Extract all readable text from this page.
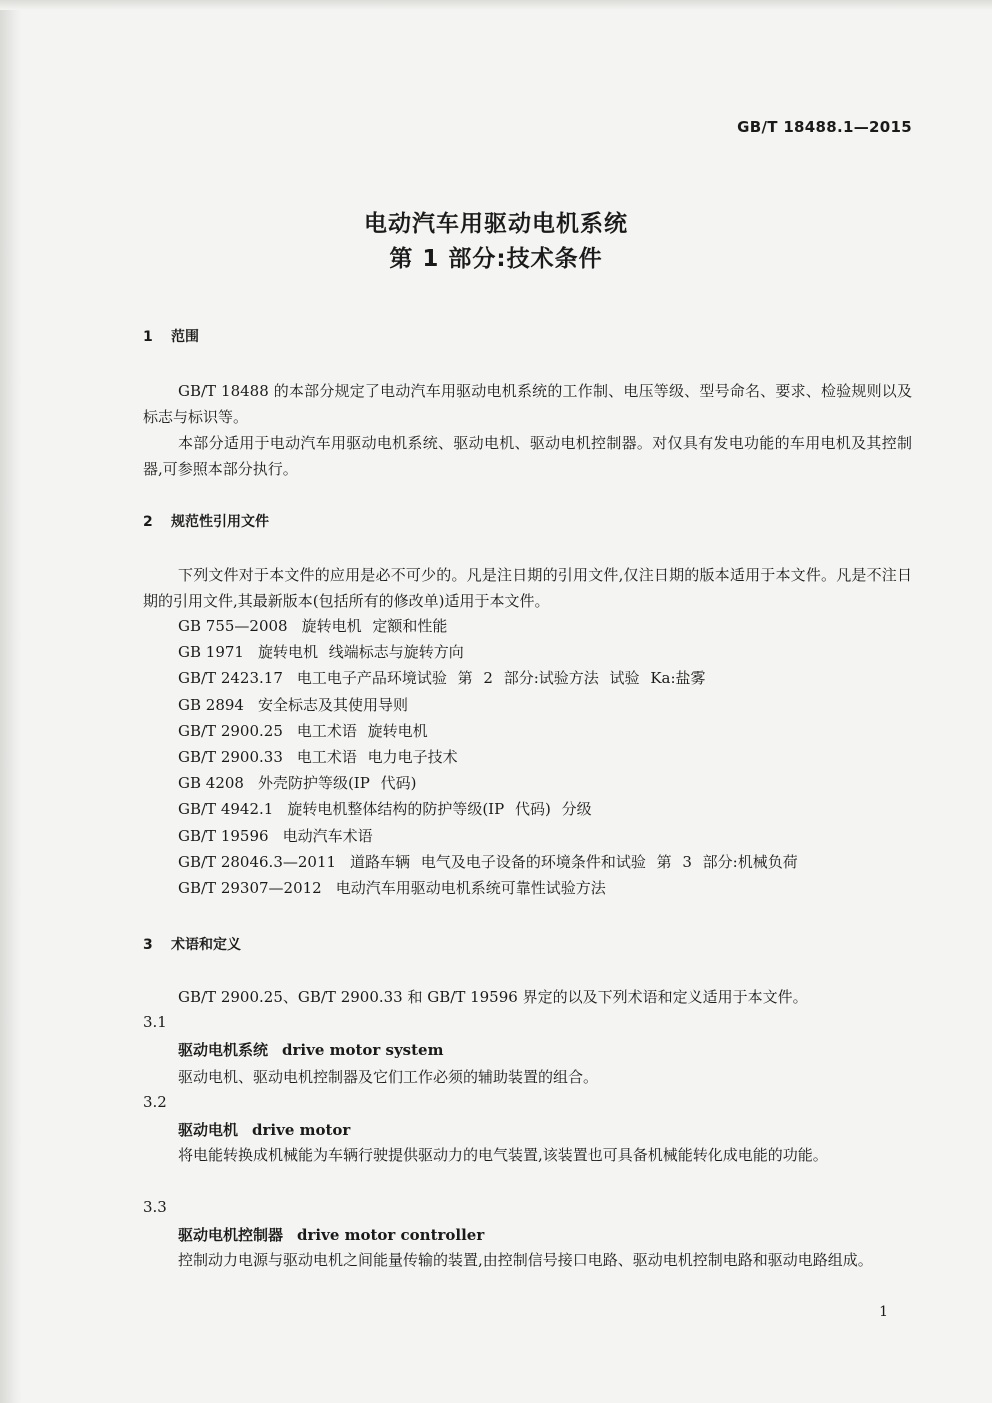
GB/T 18488.1—2015
电动汽车用驱动电机系统
第 1 部分:技术条件
1 范围

GB/T 18488 的本部分规定了电动汽车用驱动电机系统的工作制、电压等级、型号命名、要求、检验规则以及标志与标识等。

本部分适用于电动汽车用驱动电机系统、驱动电机、驱动电机控制器。对仅具有发电功能的车用电机及其控制器,可参照本部分执行。

2 规范性引用文件

下列文件对于本文件的应用是必不可少的。凡是注日期的引用文件,仅注日期的版本适用于本文件。凡是不注日期的引用文件,其最新版本(包括所有的修改单)适用于本文件。

GB 755—2008 旋转电机 定额和性能
GB 1971 旋转电机 线端标志与旋转方向
GB/T 2423.17 电工电子产品环境试验 第 2 部分:试验方法 试验 Ka:盐雾
GB 2894 安全标志及其使用导则
GB/T 2900.25 电工术语 旋转电机
GB/T 2900.33 电工术语 电力电子技术
GB 4208 外壳防护等级(IP 代码)
GB/T 4942.1 旋转电机整体结构的防护等级(IP 代码) 分级
GB/T 19596 电动汽车术语
GB/T 28046.3—2011 道路车辆 电气及电子设备的环境条件和试验 第 3 部分:机械负荷
GB/T 29307—2012 电动汽车用驱动电机系统可靠性试验方法
3 术语和定义

GB/T 2900.25、GB/T 2900.33 和 GB/T 19596 界定的以及下列术语和定义适用于本文件。

3.1
驱动电机系统 drive motor system

驱动电机、驱动电机控制器及它们工作必须的辅助装置的组合。

3.2
驱动电机 drive motor

将电能转换成机械能为车辆行驶提供驱动力的电气装置,该装置也可具备机械能转化成电能的功能。

3.3
驱动电机控制器 drive motor controller

控制动力电源与驱动电机之间能量传输的装置,由控制信号接口电路、驱动电机控制电路和驱动电路组成。

1
